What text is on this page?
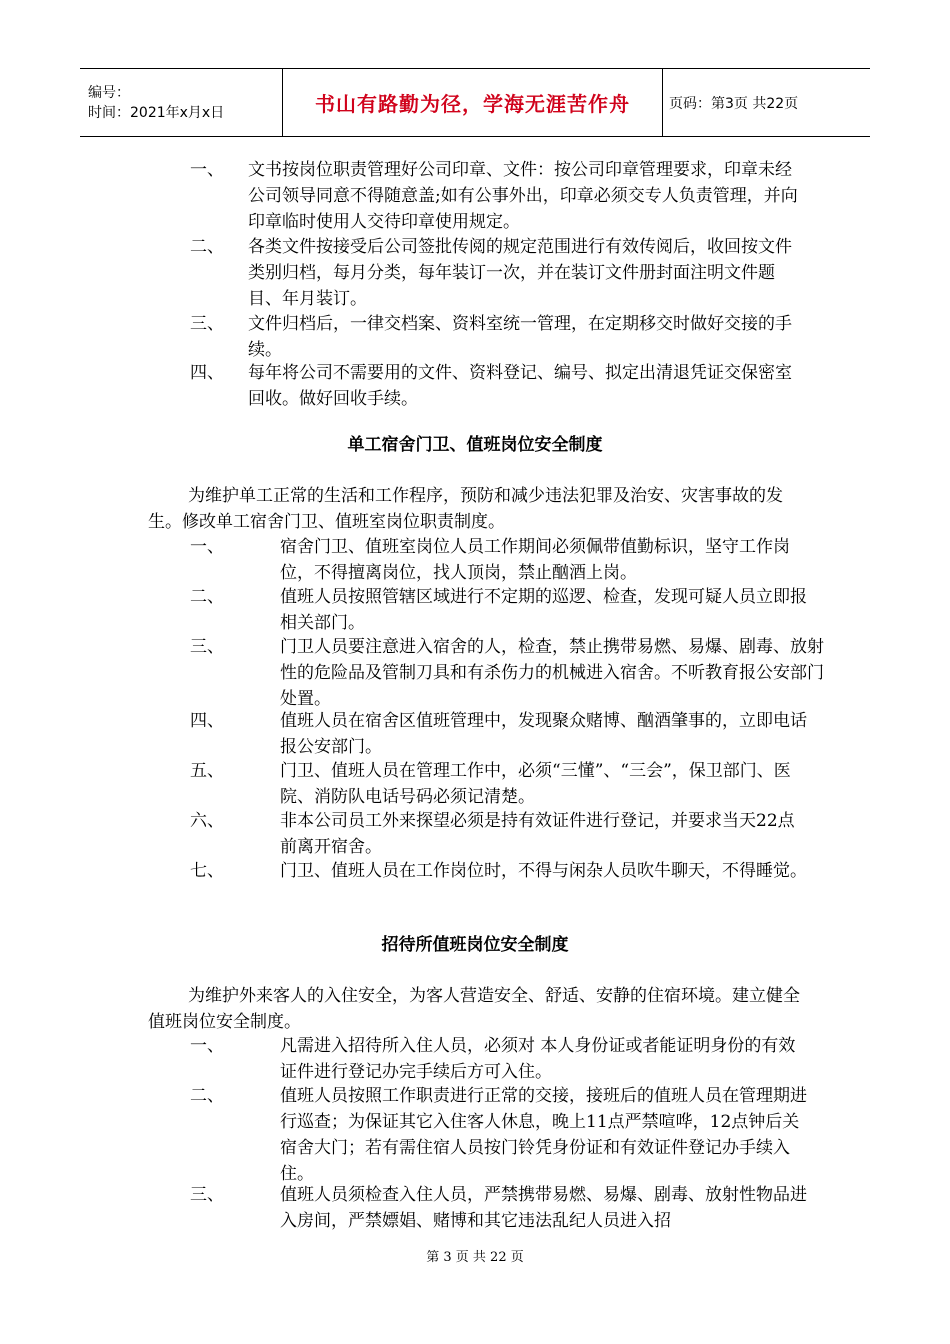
编号：
时间：2021年x月x日	书山有路勤为径，学海无涯苦作舟	页码：第3页 共22页
一、 文书按岗位职责管理好公司印章、文件：按公司印章管理要求，印章未经公司领导同意不得随意盖;如有公事外出，印章必须交专人负责管理，并向印章临时使用人交待印章使用规定。
二、 各类文件按接受后公司签批传阅的规定范围进行有效传阅后，收回按文件类别归档，每月分类，每年装订一次，并在装订文件册封面注明文件题目、年月装订。
三、 文件归档后，一律交档案、资料室统一管理，在定期移交时做好交接的手续。
四、 每年将公司不需要用的文件、资料登记、编号、拟定出清退凭证交保密室回收。做好回收手续。
单工宿舍门卫、值班岗位安全制度
为维护单工正常的生活和工作程序，预防和减少违法犯罪及治安、灾害事故的发生。修改单工宿舍门卫、值班室岗位职责制度。
一、	宿舍门卫、值班室岗位人员工作期间必须佩带值勤标识，坚守工作岗位，不得擅离岗位，找人顶岗，禁止酗酒上岗。
二、	值班人员按照管辖区域进行不定期的巡逻、检查，发现可疑人员立即报相关部门。
三、	门卫人员要注意进入宿舍的人，检查，禁止携带易燃、易爆、剧毒、放射性的危险品及管制刀具和有杀伤力的机械进入宿舍。不听教育报公安部门处置。
四、	值班人员在宿舍区值班管理中，发现聚众赌博、酗酒肇事的，立即电话报公安部门。
五、	门卫、值班人员在管理工作中，必须“三懂”、“三会”，保卫部门、医院、消防队电话号码必须记清楚。
六、	非本公司员工外来探望必须是持有效证件进行登记，并要求当天22点前离开宿舍。
七、	门卫、值班人员在工作岗位时，不得与闲杂人员吹牛聊天，不得睡觉。
招待所值班岗位安全制度
为维护外来客人的入住安全，为客人营造安全、舒适、安静的住宿环境。建立健全值班岗位安全制度。
一、	凡需进入招待所入住人员，必须对 本人身份证或者能证明身份的有效证件进行登记办完手续后方可入住。
二、	值班人员按照工作职责进行正常的交接，接班后的值班人员在管理期进行巡查；为保证其它入住客人休息，晚上11点严禁喧哗，12点钟后关宿舍大门；若有需住宿人员按门铃凭身份证和有效证件登记办手续入住。
三、	值班人员须检查入住人员，严禁携带易燃、易爆、剧毒、放射性物品进入房间，严禁嫖娼、赌博和其它违法乱纪人员进入招
第 3 页 共 22 页
